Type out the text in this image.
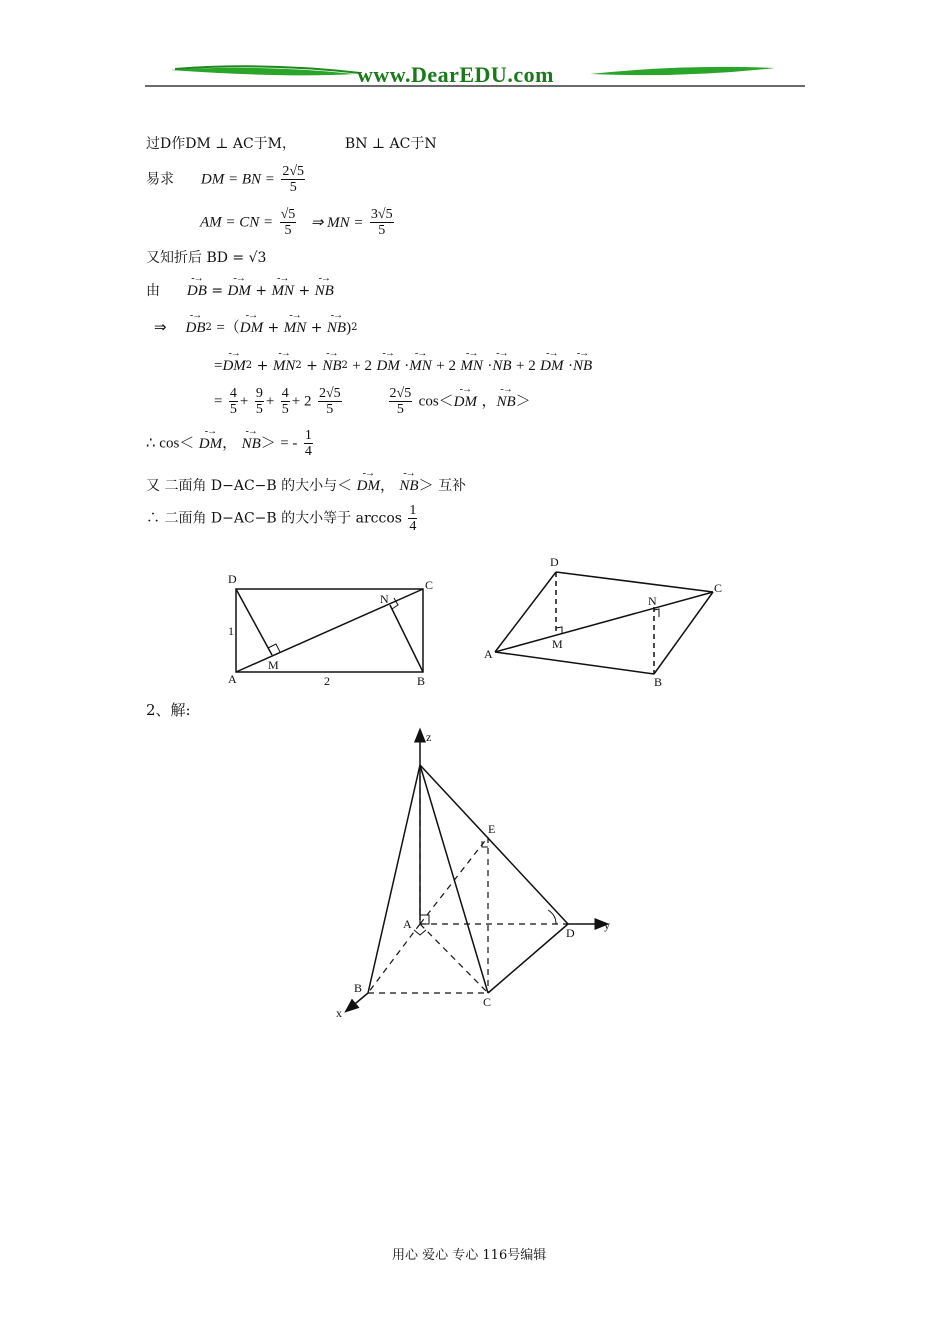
www.DearEDU.com
过D作DM ⊥ AC于M，	BN ⊥ AC于N
易求 DM = BN = $\frac{2√5}{5}$
AM = CN = $\frac{√5}{5}$ ⇒ MN = $\frac{3√5}{5}$
又知折后 BD = √3
由 DB
-→
= DM
-→
+ MN
-→
+ NB
-→
⇒ DB
-→
$^2$ =（DM
-→
+ MN
-→
+ NB
-→
)$^2$
=DM
-→
$^2$ + MN
-→
$^2$ + NB
-→
$^2$ + 2 DM
-→
·MN
-→
+ 2 MN
-→
·NB
-→
+ 2 DM
-→
·NB
-→
= $\frac{4}{5} + \frac{9}{5} + \frac{4}{5} + 2 \frac{2√5}{5}$
	$\frac{2√5}{5} \cos<DM$
-→
，NB
-→
＞
∴ cos＜ DM
-→
， NB
-→
＞ = - $\frac{1}{4}$
又 二面角 D−AC−B 的大小与＜ DM
-→
， NB
-→
＞ 互补
∴ 二面角 D−AC−B 的大小等于 $\arccos \frac{1}{4}$
D	C
A	B
N
M
1
2
D
C
A
B
N
M
2、解:
z
E
A
D
y
B
C
x
用心 爱心 专心 116号编辑
